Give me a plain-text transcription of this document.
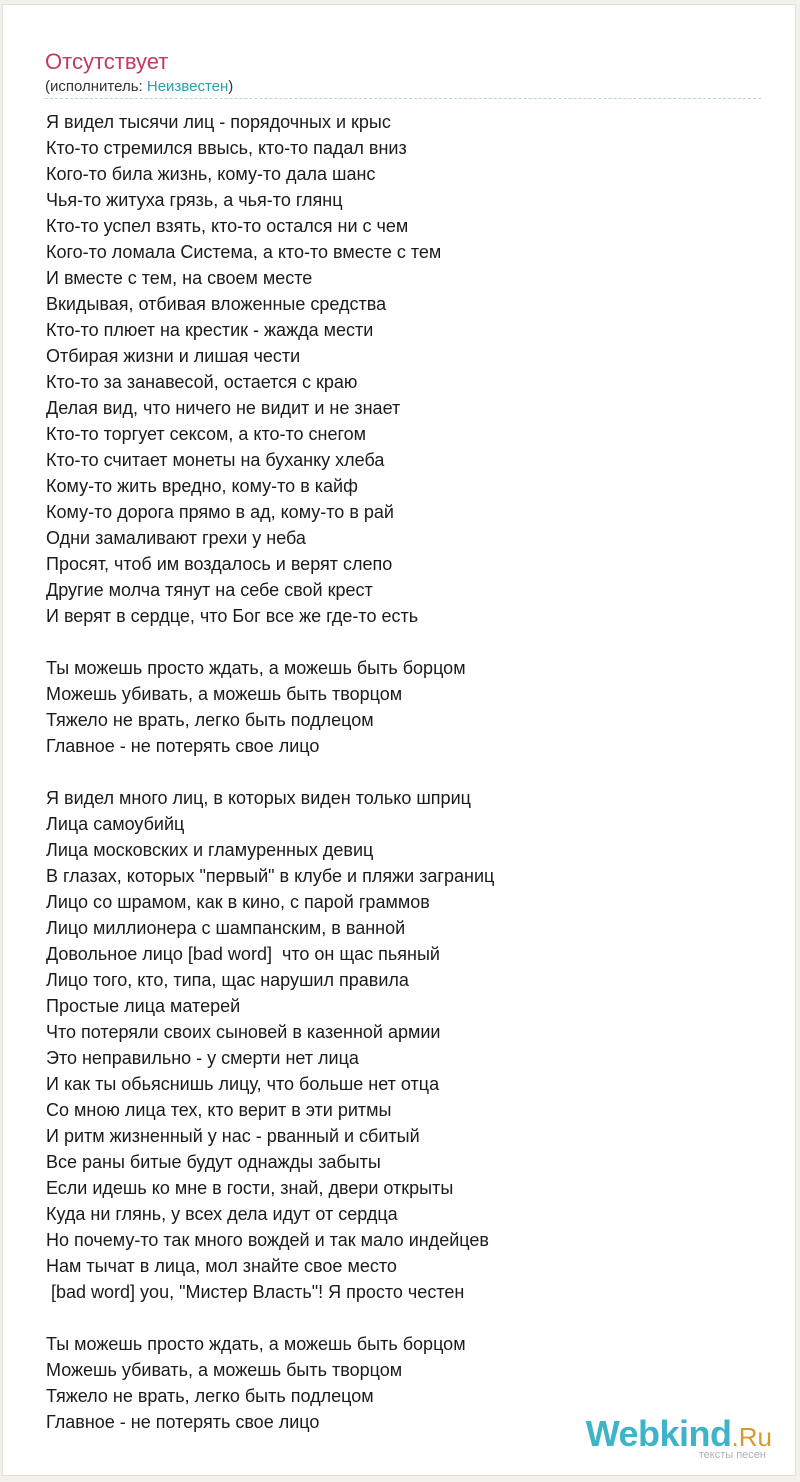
Отсутствует
(исполнитель: Неизвестен)
Я видел тысячи лиц - порядочных и крыс
Кто-то стремился ввысь, кто-то падал вниз
Кого-то била жизнь, кому-то дала шанс
Чья-то житуха грязь, а чья-то глянц
Кто-то успел взять, кто-то остался ни с чем
Кого-то ломала Система, а кто-то вместе с тем
И вместе с тем, на своем месте
Вкидывая, отбивая вложенные средства
Кто-то плюет на крестик - жажда мести
Отбирая жизни и лишая чести
Кто-то за занавесой, остается с краю
Делая вид, что ничего не видит и не знает
Кто-то торгует сексом, а кто-то снегом
Кто-то считает монеты на буханку хлеба
Кому-то жить вредно, кому-то в кайф
Кому-то дорога прямо в ад, кому-то в рай
Одни замаливают грехи у неба
Просят, чтоб им воздалось и верят слепо
Другие молча тянут на себе свой крест
И верят в сердце, что Бог все же где-то есть
Ты можешь просто ждать, а можешь быть борцом
Можешь убивать, а можешь быть творцом
Тяжело не врать, легко быть подлецом
Главное - не потерять свое лицо
Я видел много лиц, в которых виден только шприц
Лица самоубийц
Лица московских и гламуренных девиц
В глазах, которых "первый" в клубе и пляжи заграниц
Лицо со шрамом, как в кино, с парой граммов
Лицо миллионера с шампанским, в ванной
Довольное лицо [bad word]  что он щас пьяный
Лицо того, кто, типа, щас нарушил правила
Простые лица матерей
Что потеряли своих сыновей в казенной армии
Это неправильно - у смерти нет лица
И как ты обьяснишь лицу, что больше нет отца
Со мною лица тех, кто верит в эти ритмы
И ритм жизненный у нас - рванный и сбитый
Все раны битые будут однажды забыты
Если идешь ко мне в гости, знай, двери открыты
Куда ни глянь, у всех дела идут от сердца
Но почему-то так много вождей и так мало индейцев
Нам тычат в лица, мол знайте свое место
[bad word] you, "Мистер Власть"! Я просто честен
Ты можешь просто ждать, а можешь быть борцом
Можешь убивать, а можешь быть творцом
Тяжело не врать, легко быть подлецом
Главное - не потерять свое лицо	Webkind.Ru
тексты песен
